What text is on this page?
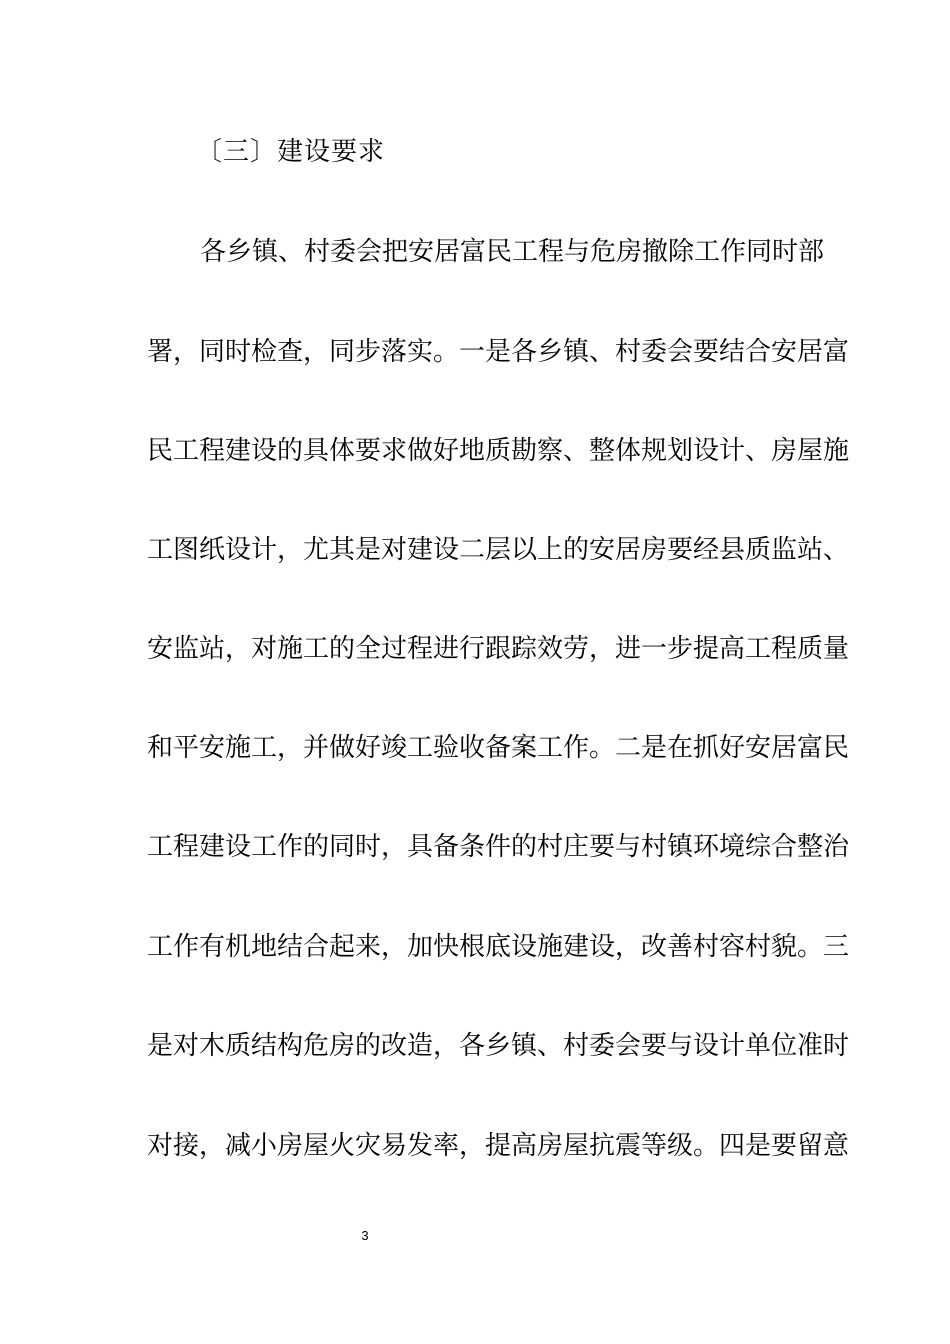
〔三〕建设要求
各乡镇、村委会把安居富民工程与危房撤除工作同时部
署，同时检查，同步落实。一是各乡镇、村委会要结合安居富
民工程建设的具体要求做好地质勘察、整体规划设计、房屋施
工图纸设计，尤其是对建设二层以上的安居房要经县质监站、
安监站，对施工的全过程进行跟踪效劳，进一步提高工程质量
和平安施工，并做好竣工验收备案工作。二是在抓好安居富民
工程建设工作的同时，具备条件的村庄要与村镇环境综合整治
工作有机地结合起来，加快根底设施建设，改善村容村貌。三
是对木质结构危房的改造，各乡镇、村委会要与设计单位准时
对接，减小房屋火灾易发率，提高房屋抗震等级。四是要留意
3
